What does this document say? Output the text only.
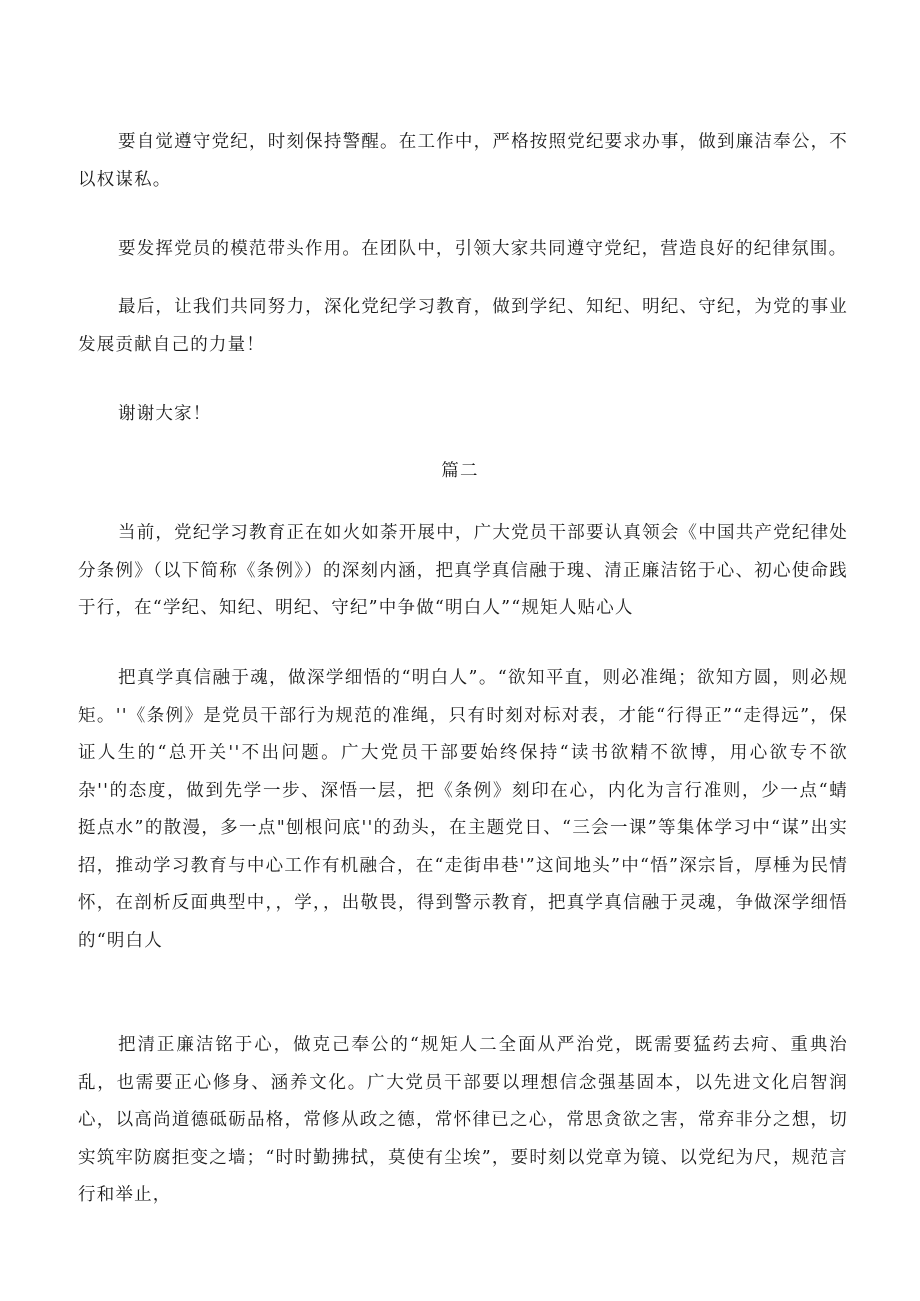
要自觉遵守党纪，时刻保持警醒。在工作中，严格按照党纪要求办事，做到廉洁奉公，不以权谋私。

要发挥党员的模范带头作用。在团队中，引领大家共同遵守党纪，营造良好的纪律氛围。

最后，让我们共同努力，深化党纪学习教育，做到学纪、知纪、明纪、守纪，为党的事业发展贡献自己的力量！

谢谢大家！

篇二

当前，党纪学习教育正在如火如荼开展中，广大党员干部要认真领会《中国共产党纪律处分条例》（以下简称《条例》）的深刻内涵，把真学真信融于瑰、清正廉洁铭于心、初心使命践于行，在“学纪、知纪、明纪、守纪”中争做“明白人”“规矩人贴心人

把真学真信融于魂，做深学细悟的“明白人”。“欲知平直，则必准绳；欲知方圆，则必规矩。''《条例》是党员干部行为规范的准绳，只有时刻对标对表，才能“行得正”“走得远”，保证人生的“总开关''不出问题。广大党员干部要始终保持“读书欲精不欲博，用心欲专不欲杂''的态度，做到先学一步、深悟一层，把《条例》刻印在心，内化为言行准则，少一点“蜻挺点水”的散漫，多一点"刨根问底''的劲头，在主题党日、“三会一课”等集体学习中“谋”出实招，推动学习教育与中心工作有机融合，在“走街串巷'”这间地头”中“悟”深宗旨，厚棰为民情怀，在剖析反面典型中，，学，，出敬畏，得到警示教育，把真学真信融于灵魂，争做深学细悟的“明白人

把清正廉洁铭于心，做克己奉公的“规矩人二全面从严治党，既需要猛药去疴、重典治乱，也需要正心修身、涵养文化。广大党员干部要以理想信念强基固本，以先进文化启智润心，以高尚道德砥砺品格，常修从政之德，常怀律已之心，常思贪欲之害，常弃非分之想，切实筑牢防腐拒变之墙；“时时勤拂拭，莫使有尘埃”，要时刻以党章为镜、以党纪为尺，规范言行和举止，
